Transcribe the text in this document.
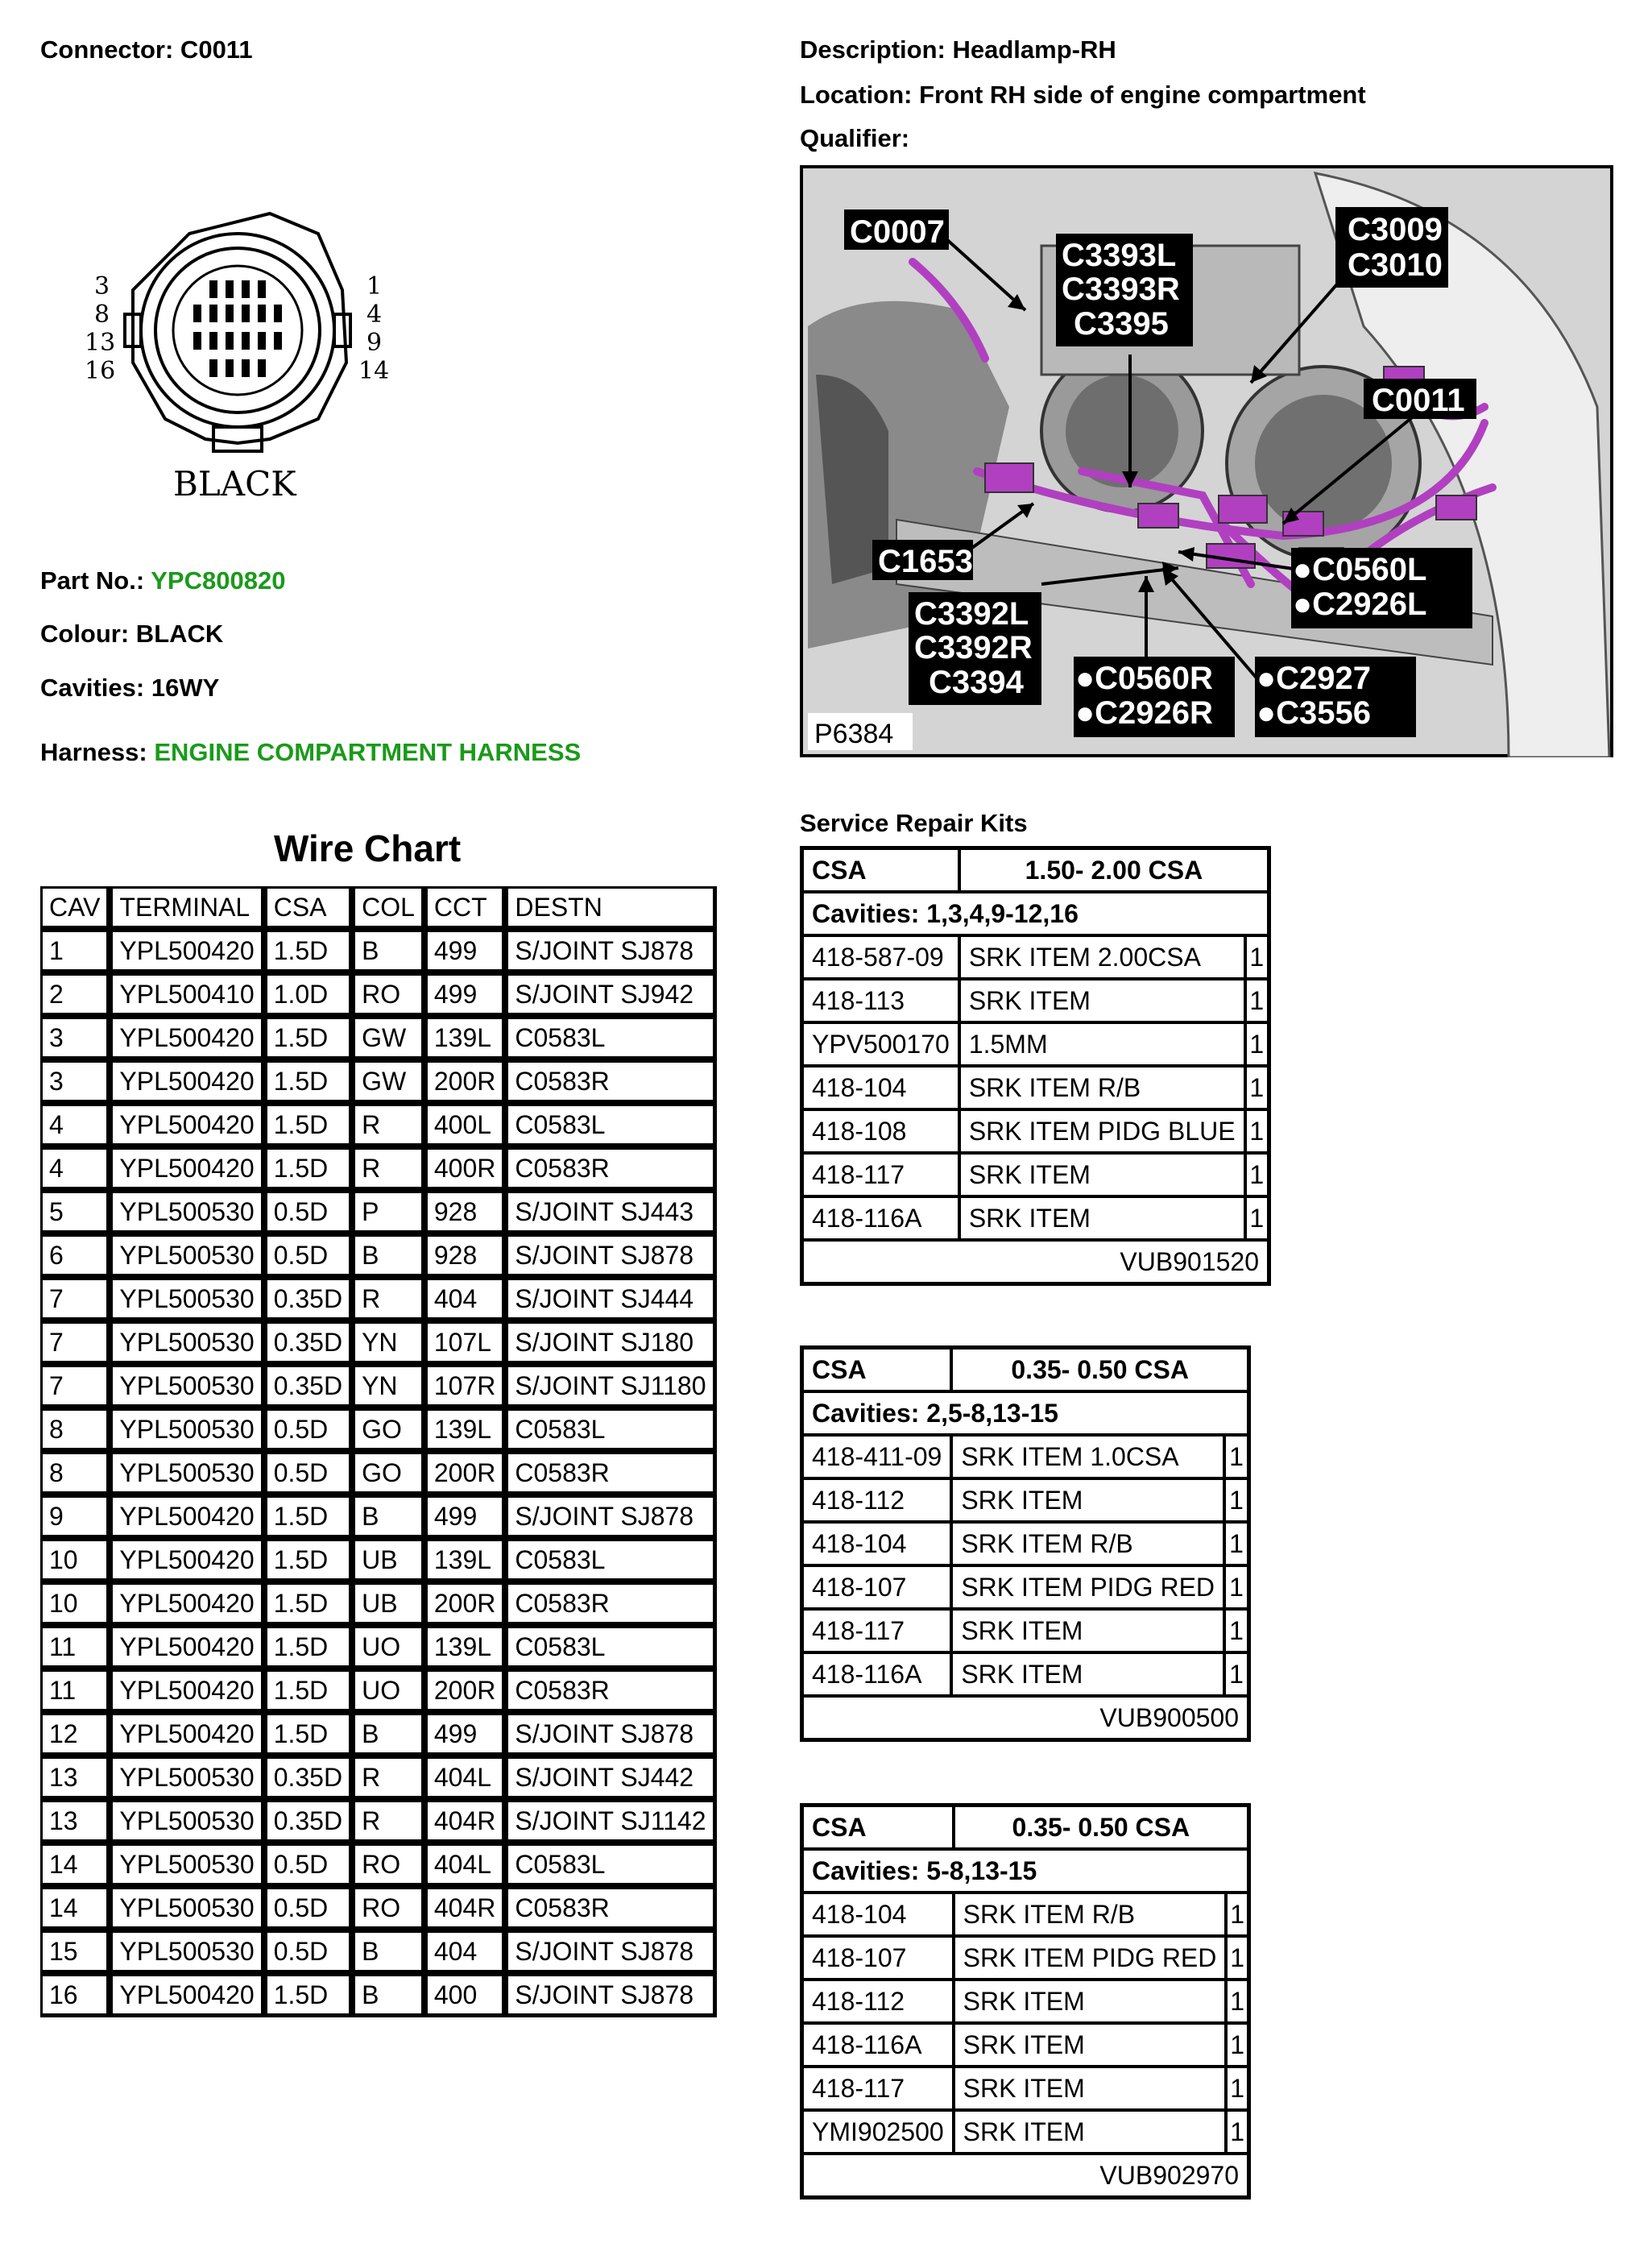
Connector: C0011	Description: Headlamp-RH
Location: Front RH side of engine compartment
Qualifier:
3
8
13
16
1
4
9
14
BLACK
Part No.: YPC800820
Colour: BLACK
Cavities: 16WY
Harness: ENGINE COMPARTMENT HARNESS
C0007
C3393L
C3393R
C3395
C3009
C3010
C0011
C1653
C3392L
C3392R
C3394
●C0560L
●C2926L
●C0560R
●C2926R
●C2927
●C3556
P6384
Wire Chart
CAV	TERMINAL	CSA	COL	CCT	DESTN
1	YPL500420	1.5D	B	499	S/JOINT SJ878
2	YPL500410	1.0D	RO	499	S/JOINT SJ942
3	YPL500420	1.5D	GW	139L	C0583L
3	YPL500420	1.5D	GW	200R	C0583R
4	YPL500420	1.5D	R	400L	C0583L
4	YPL500420	1.5D	R	400R	C0583R
5	YPL500530	0.5D	P	928	S/JOINT SJ443
6	YPL500530	0.5D	B	928	S/JOINT SJ878
7	YPL500530	0.35D	R	404	S/JOINT SJ444
7	YPL500530	0.35D	YN	107L	S/JOINT SJ180
7	YPL500530	0.35D	YN	107R	S/JOINT SJ1180
8	YPL500530	0.5D	GO	139L	C0583L
8	YPL500530	0.5D	GO	200R	C0583R
9	YPL500420	1.5D	B	499	S/JOINT SJ878
10	YPL500420	1.5D	UB	139L	C0583L
10	YPL500420	1.5D	UB	200R	C0583R
11	YPL500420	1.5D	UO	139L	C0583L
11	YPL500420	1.5D	UO	200R	C0583R
12	YPL500420	1.5D	B	499	S/JOINT SJ878
13	YPL500530	0.35D	R	404L	S/JOINT SJ442
13	YPL500530	0.35D	R	404R	S/JOINT SJ1142
14	YPL500530	0.5D	RO	404L	C0583L
14	YPL500530	0.5D	RO	404R	C0583R
15	YPL500530	0.5D	B	404	S/JOINT SJ878
16	YPL500420	1.5D	B	400	S/JOINT SJ878
Service Repair Kits
CSA	1.50- 2.00 CSA	
Cavities: 1,3,4,9-12,16		
418-587-09	SRK ITEM 2.00CSA	1
418-113	SRK ITEM	1
YPV500170	1.5MM	1
418-104	SRK ITEM R/B	1
418-108	SRK ITEM PIDG BLUE	1
418-117	SRK ITEM	1
418-116A	SRK ITEM	1
VUB901520		
CSA	0.35- 0.50 CSA	
Cavities: 2,5-8,13-15		
418-411-09	SRK ITEM 1.0CSA	1
418-112	SRK ITEM	1
418-104	SRK ITEM R/B	1
418-107	SRK ITEM PIDG RED	1
418-117	SRK ITEM	1
418-116A	SRK ITEM	1
VUB900500		
CSA	0.35- 0.50 CSA	
Cavities: 5-8,13-15		
418-104	SRK ITEM R/B	1
418-107	SRK ITEM PIDG RED	1
418-112	SRK ITEM	1
418-116A	SRK ITEM	1
418-117	SRK ITEM	1
YMI902500	SRK ITEM	1
VUB902970		
